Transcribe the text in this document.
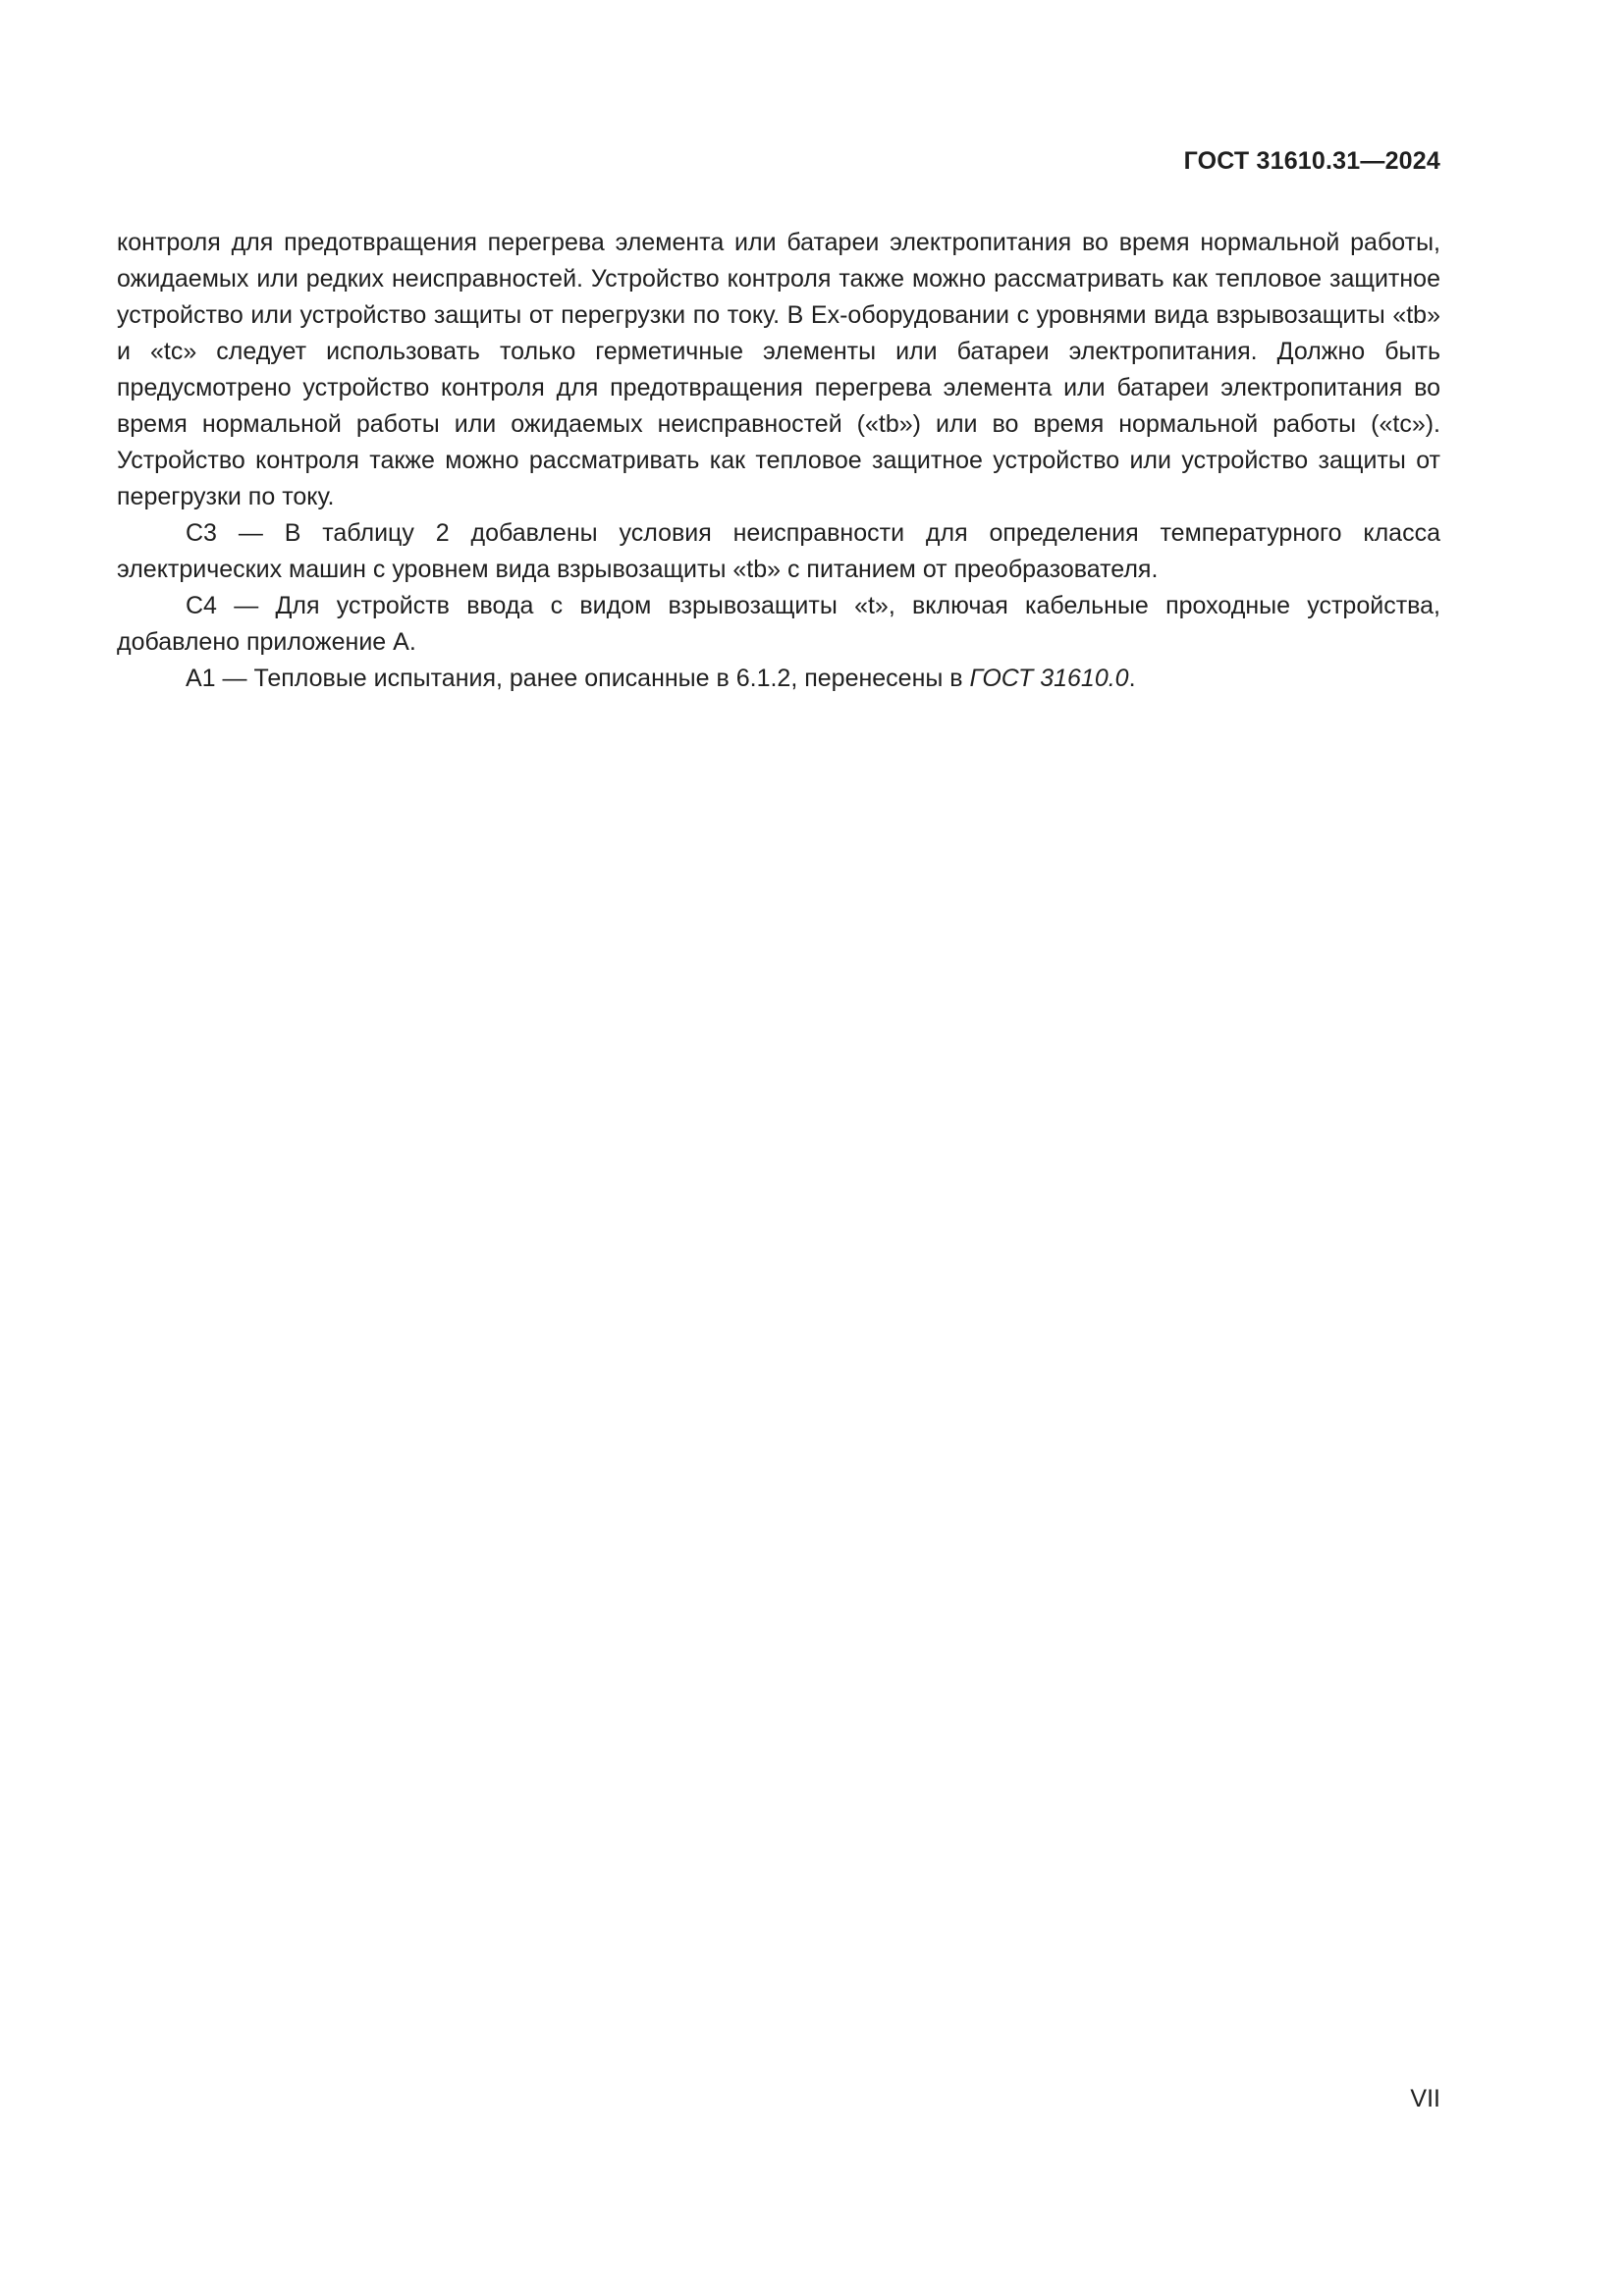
ГОСТ 31610.31—2024

контроля для предотвращения перегрева элемента или батареи электропитания во время нормальной работы, ожидаемых или редких неисправностей. Устройство контроля также можно рассматривать как тепловое защитное устройство или устройство защиты от перегрузки по току. В Ex-оборудовании с уровнями вида взрывозащиты «tb» и «tc» следует использовать только герметичные элементы или батареи электропитания. Должно быть предусмотрено устройство контроля для предотвращения перегрева элемента или батареи электропитания во время нормальной работы или ожидаемых неисправностей («tb») или во время нормальной работы («tc»). Устройство контроля также можно рассматривать как тепловое защитное устройство или устройство защиты от перегрузки по току.

С3 — В таблицу 2 добавлены условия неисправности для определения температурного класса электрических машин с уровнем вида взрывозащиты «tb» с питанием от преобразователя.

С4 — Для устройств ввода с видом взрывозащиты «t», включая кабельные проходные устройства, добавлено приложение А.

А1 — Тепловые испытания, ранее описанные в 6.1.2, перенесены в ГОСТ 31610.0.

VII
